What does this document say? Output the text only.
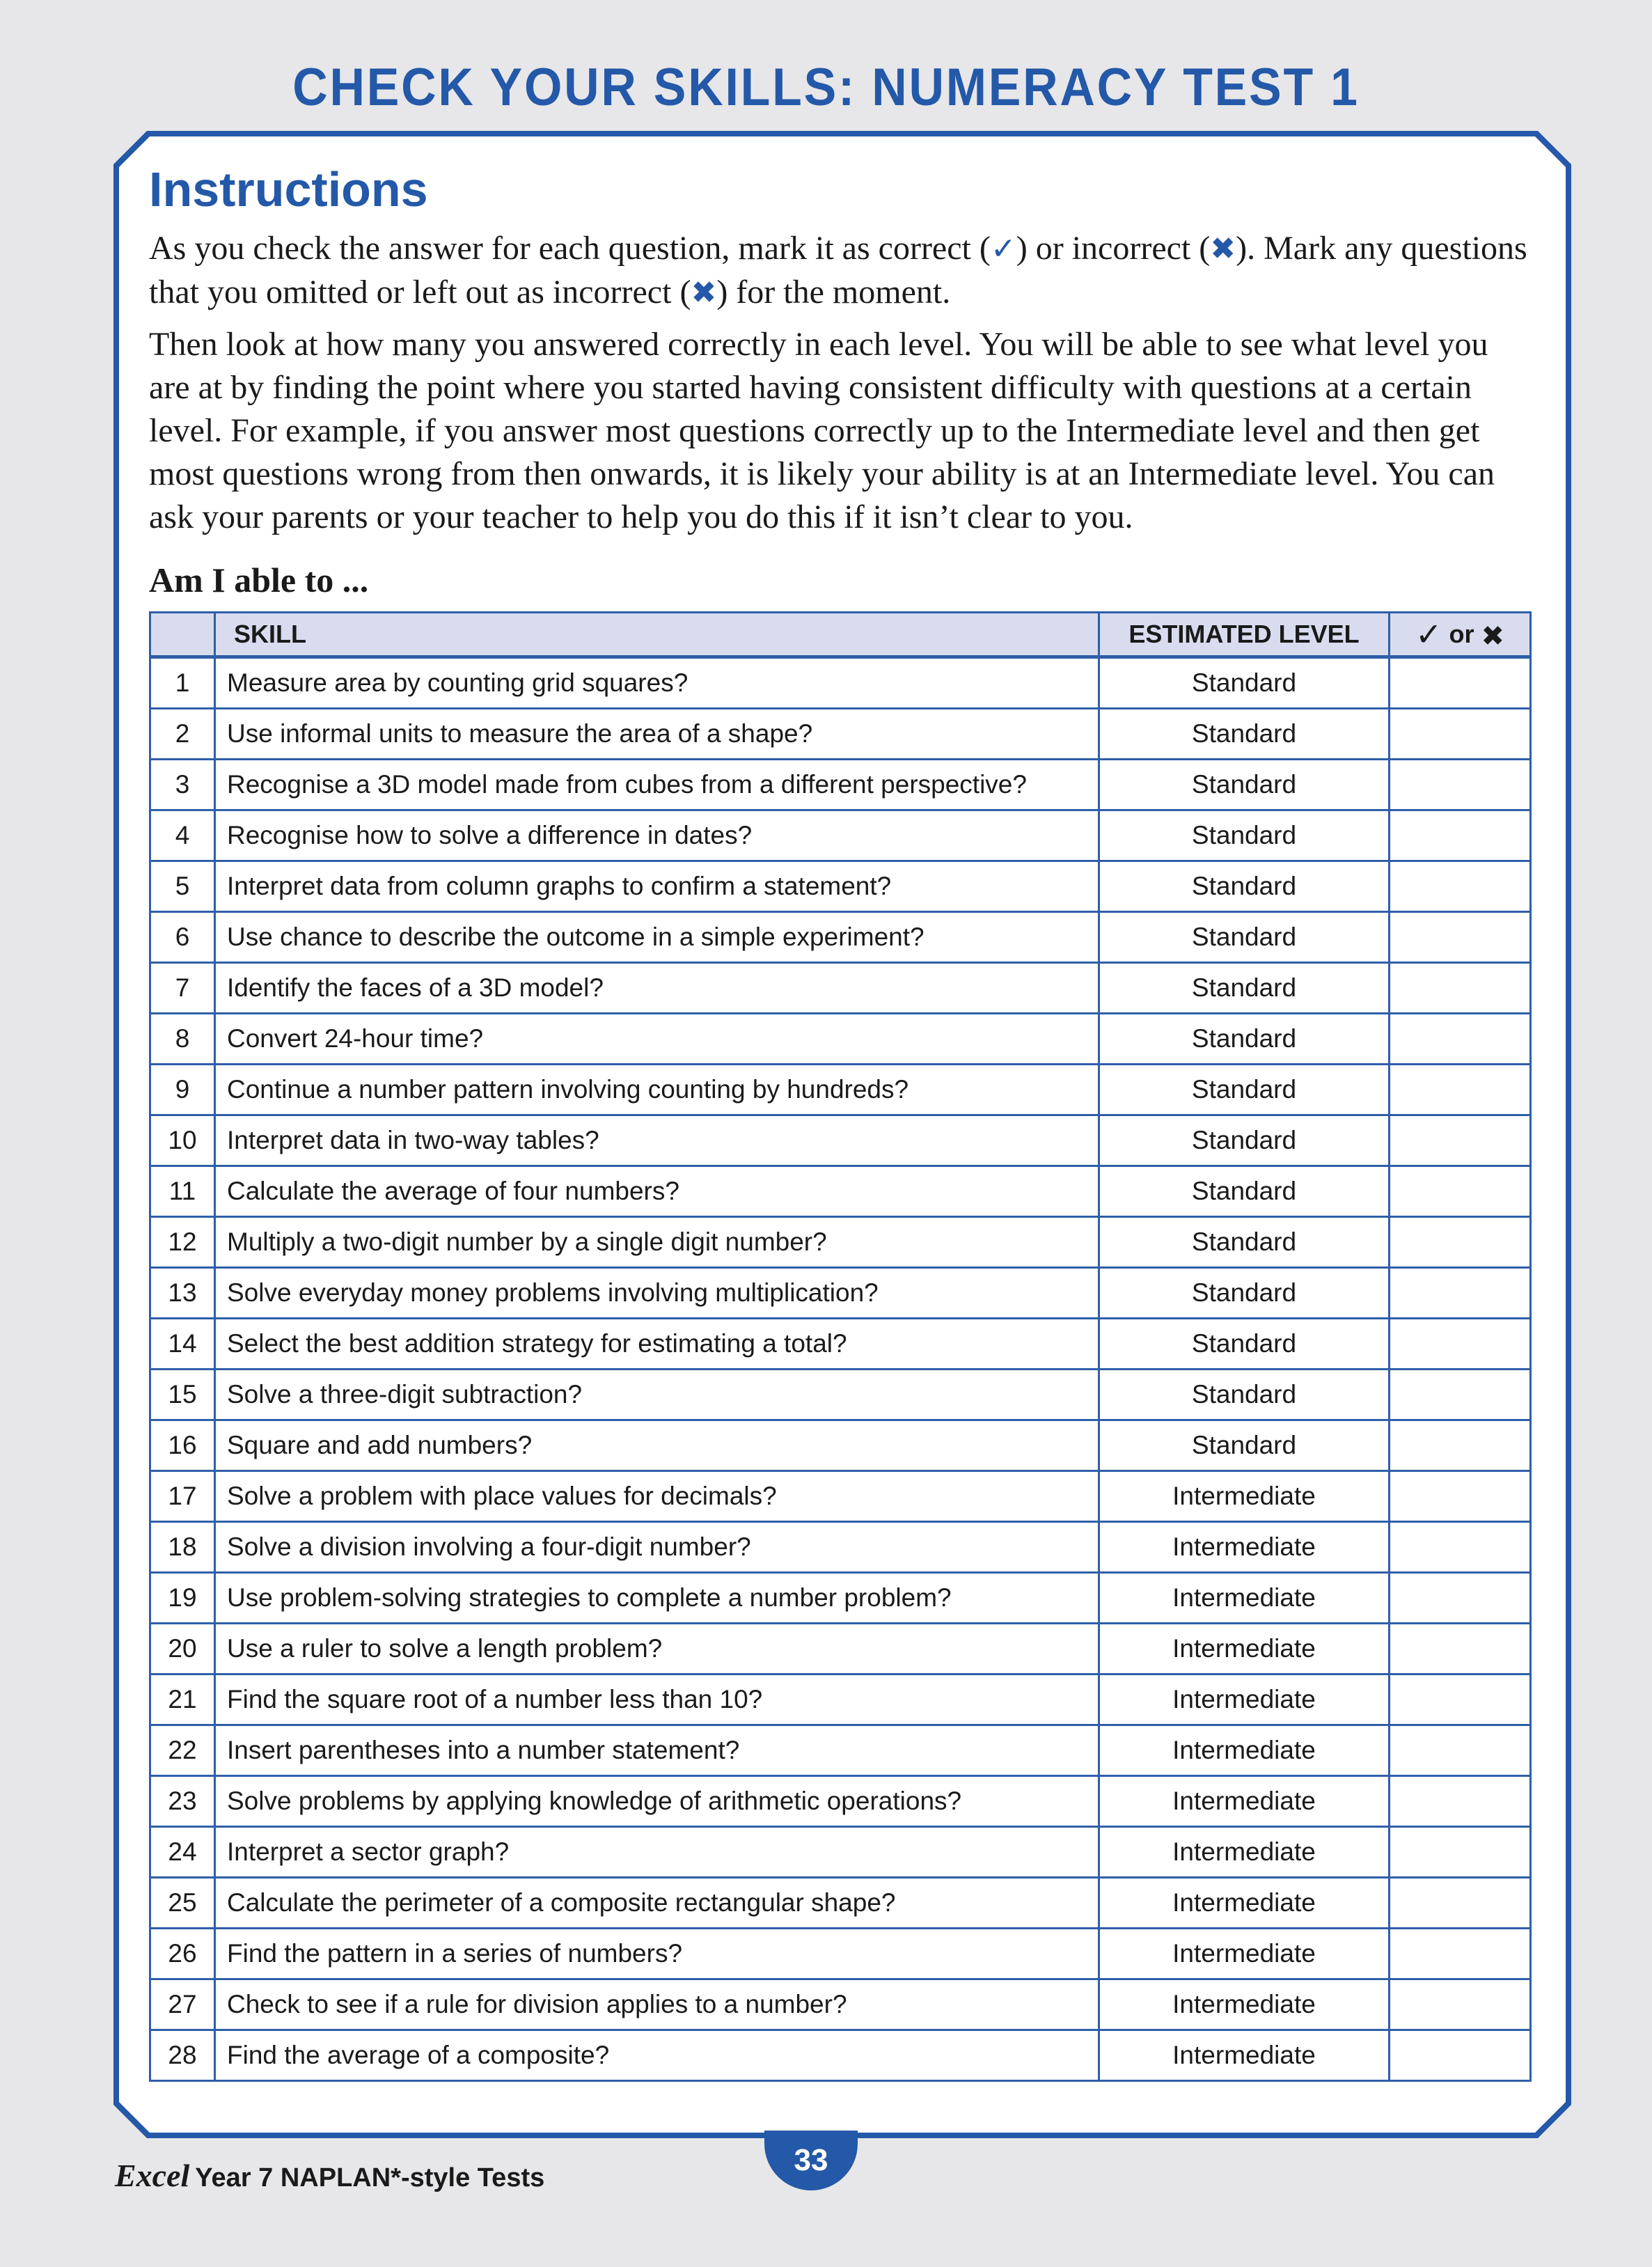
CHECK YOUR SKILLS: NUMERACY TEST 1
Instructions
As you check the answer for each question, mark it as correct (✓) or incorrect (✖). Mark any questions that you omitted or left out as incorrect (✖) for the moment.
Then look at how many you answered correctly in each level. You will be able to see what level you are at by finding the point where you started having consistent difficulty with questions at a certain level. For example, if you answer most questions correctly up to the Intermediate level and then get most questions wrong from then onwards, it is likely your ability is at an Intermediate level. You can ask your parents or your teacher to help you do this if it isn’t clear to you.
Am I able to ...
	SKILL	ESTIMATED LEVEL	✓ or ✖
1	Measure area by counting grid squares?	Standard	
2	Use informal units to measure the area of a shape?	Standard	
3	Recognise a 3D model made from cubes from a different perspective?	Standard	
4	Recognise how to solve a difference in dates?	Standard	
5	Interpret data from column graphs to confirm a statement?	Standard	
6	Use chance to describe the outcome in a simple experiment?	Standard	
7	Identify the faces of a 3D model?	Standard	
8	Convert 24-hour time?	Standard	
9	Continue a number pattern involving counting by hundreds?	Standard	
10	Interpret data in two-way tables?	Standard	
11	Calculate the average of four numbers?	Standard	
12	Multiply a two-digit number by a single digit number?	Standard	
13	Solve everyday money problems involving multiplication?	Standard	
14	Select the best addition strategy for estimating a total?	Standard	
15	Solve a three-digit subtraction?	Standard	
16	Square and add numbers?	Standard	
17	Solve a problem with place values for decimals?	Intermediate	
18	Solve a division involving a four-digit number?	Intermediate	
19	Use problem-solving strategies to complete a number problem?	Intermediate	
20	Use a ruler to solve a length problem?	Intermediate	
21	Find the square root of a number less than 10?	Intermediate	
22	Insert parentheses into a number statement?	Intermediate	
23	Solve problems by applying knowledge of arithmetic operations?	Intermediate	
24	Interpret a sector graph?	Intermediate	
25	Calculate the perimeter of a composite rectangular shape?	Intermediate	
26	Find the pattern in a series of numbers?	Intermediate	
27	Check to see if a rule for division applies to a number?	Intermediate	
28	Find the average of a composite?	Intermediate	
Excel Year 7 NAPLAN*-style Tests
33
